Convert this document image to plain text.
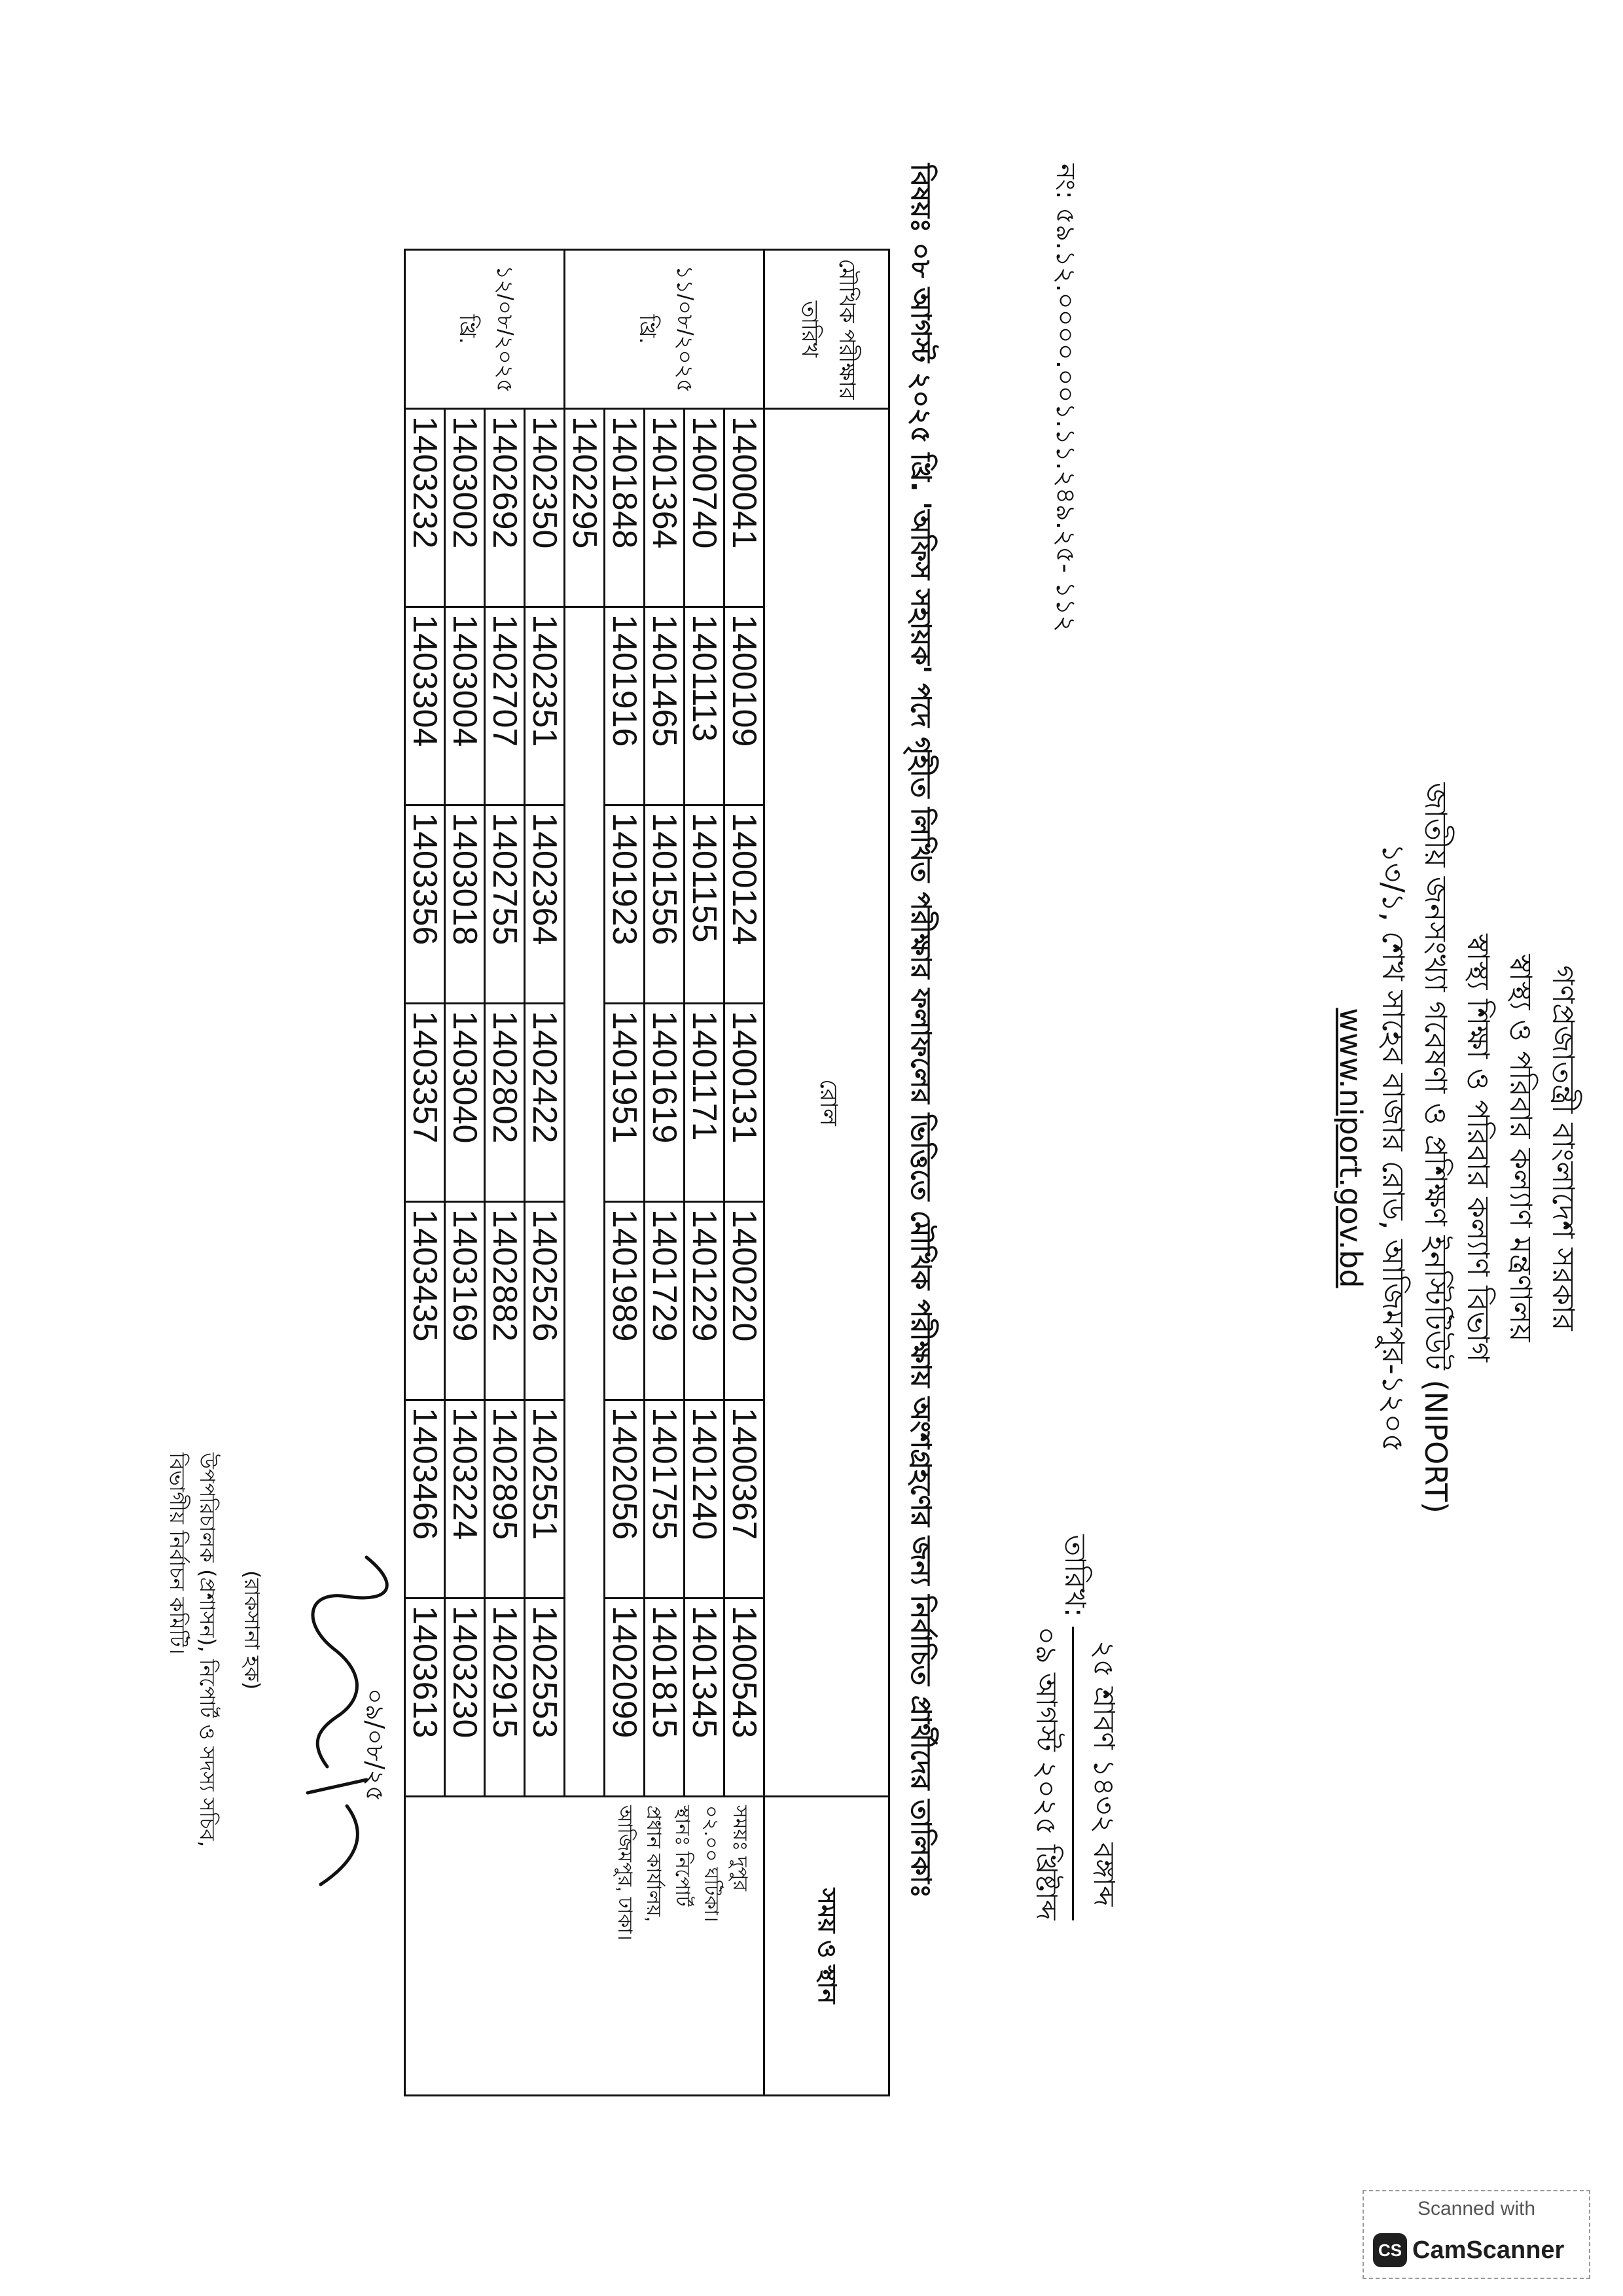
গণপ্রজাতন্ত্রী বাংলাদেশ সরকার
স্বাস্থ্য ও পরিবার কল্যাণ মন্ত্রণালয়
স্বাস্থ্য শিক্ষা ও পরিবার কল্যাণ বিভাগ
জাতীয় জনসংখ্যা গবেষণা ও প্রশিক্ষণ ইনস্টিটিউট (NIPORT)
১৩/১, শেখ সাহেব বাজার রোড, আজিমপুর-১২০৫
www.niport.gov.bd
তারিখ:
২৫ শ্রাবণ ১৪৩২ বঙ্গাব্দ
০৯ আগস্ট ২০২৫ খ্রিষ্টাব্দ
নং: ৫৯.১২.০০০০.০০১.১১.২৪৯.২৫- ১১২
বিষয়ঃ ০৮ আগস্ট ২০২৫ খ্রি. 'অফিস সহায়ক' পদে গৃহীত লিখিত পরীক্ষার ফলাফলের ভিত্তিতে মৌখিক পরীক্ষায় অংশগ্রহণের জন্য নির্বাচিত প্রার্থীদের তালিকাঃ
মৌখিক পরীক্ষার তারিখ	রোল							সময় ও স্থান
১১/০৮/২০২৫ খ্রি.	1400041	1400109	1400124	1400131	1400220	1400367	1400543	সময়ঃ দুপুর
০২.০০ ঘটিকা।
স্থানঃ নিপোর্ট
প্রধান কার্যালয়,
আজিমপুর, ঢাকা।

	1400740	1401113	1401155	1401171	1401229	1401240	1401345	
	1401364	1401465	1401556	1401619	1401729	1401755	1401815	
	1401848	1401916	1401923	1401951	1401989	1402056	1402099	
	1402295							
১২/০৮/২০২৫ খ্রি.	1402350	1402351	1402364	1402422	1402526	1402551	1402553	
	1402692	1402707	1402755	1402802	1402882	1402895	1402915	
	1403002	1403004	1403018	1403040	1403169	1403224	1403230	
	1403232	1403304	1403356	1403357	1403435	1403466	1403613	
০৯/০৮/২৫
(রাকসানা হক)
উপপরিচালক (প্রশাসন), নিপোর্ট ও সদস্য সচিব,
বিভাগীয় নির্বাচন কমিটি।
Scanned with
CS CamScanner
